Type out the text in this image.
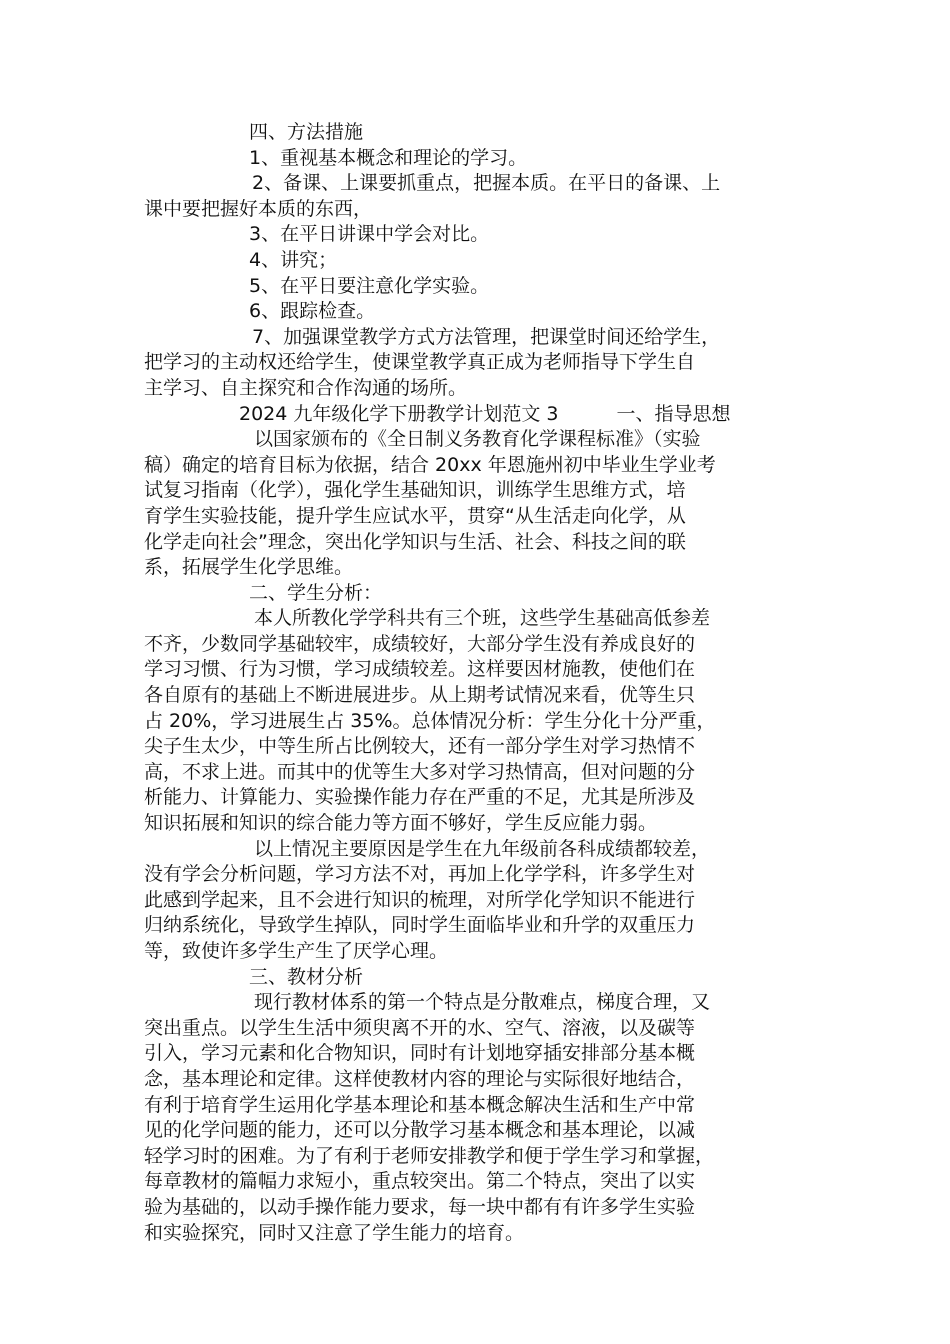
四、方法措施
1、重视基本概念和理论的学习。
2、备课、上课要抓重点，把握本质。在平日的备课、上
课中要把握好本质的东西，
3、在平日讲课中学会对比。
4、讲究；
5、在平日要注意化学实验。
6、跟踪检查。
7、加强课堂教学方式方法管理，把课堂时间还给学生，
把学习的主动权还给学生，使课堂教学真正成为老师指导下学生自
主学习、自主探究和合作沟通的场所。
2024 九年级化学下册教学计划范文 3	一、指导思想
以国家颁布的《全日制义务教育化学课程标准》（实验
稿）确定的培育目标为依据，结合 20xx 年恩施州初中毕业生学业考
试复习指南（化学），强化学生基础知识，训练学生思维方式，培
育学生实验技能，提升学生应试水平，贯穿“从生活走向化学，从
化学走向社会”理念，突出化学知识与生活、社会、科技之间的联
系，拓展学生化学思维。
二、学生分析：
本人所教化学学科共有三个班，这些学生基础高低参差
不齐，少数同学基础较牢，成绩较好，大部分学生没有养成良好的
学习习惯、行为习惯，学习成绩较差。这样要因材施教，使他们在
各自原有的基础上不断进展进步。从上期考试情况来看，优等生只
占 20%，学习进展生占 35%。总体情况分析：学生分化十分严重，
尖子生太少，中等生所占比例较大，还有一部分学生对学习热情不
高，不求上进。而其中的优等生大多对学习热情高，但对问题的分
析能力、计算能力、实验操作能力存在严重的不足，尤其是所涉及
知识拓展和知识的综合能力等方面不够好，学生反应能力弱。
以上情况主要原因是学生在九年级前各科成绩都较差，
没有学会分析问题，学习方法不对，再加上化学学科，许多学生对
此感到学起来，且不会进行知识的梳理，对所学化学知识不能进行
归纳系统化，导致学生掉队，同时学生面临毕业和升学的双重压力
等，致使许多学生产生了厌学心理。
三、教材分析
现行教材体系的第一个特点是分散难点，梯度合理，又
突出重点。以学生生活中须臾离不开的水、空气、溶液，以及碳等
引入，学习元素和化合物知识，同时有计划地穿插安排部分基本概
念，基本理论和定律。这样使教材内容的理论与实际很好地结合，
有利于培育学生运用化学基本理论和基本概念解决生活和生产中常
见的化学问题的能力，还可以分散学习基本概念和基本理论，以减
轻学习时的困难。为了有利于老师安排教学和便于学生学习和掌握，
每章教材的篇幅力求短小，重点较突出。第二个特点，突出了以实
验为基础的，以动手操作能力要求，每一块中都有有许多学生实验
和实验探究，同时又注意了学生能力的培育。
